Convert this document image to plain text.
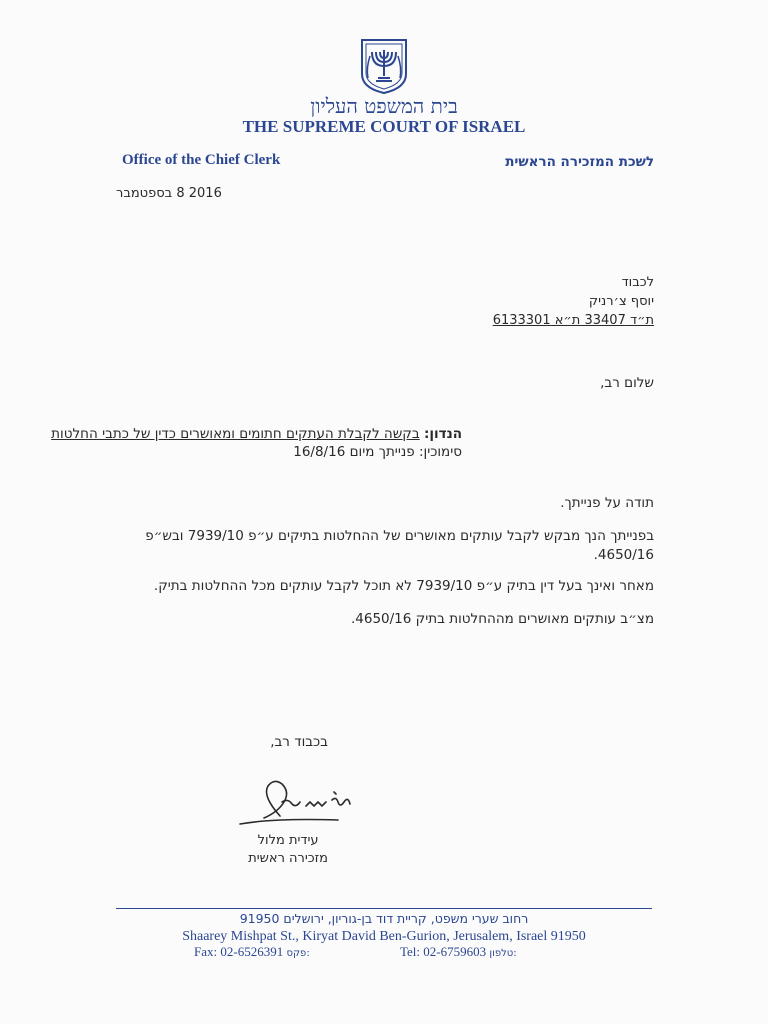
בית המשפט העליון
THE SUPREME COURT OF ISRAEL
Office of the Chief Clerk	לשכת המזכירה הראשית
2016 8 בספטמבר
לכבוד
יוסף צ׳רניק
ת״ד 33407 ת״א 6133301
שלום רב,
הנדון: בקשה לקבלת העתקים חתומים ומאושרים כדין של כתבי החלטות
סימוכין: פנייתך מיום 16/8/16
תודה על פנייתך.
בפנייתך הנך מבקש לקבל עותקים מאושרים של ההחלטות בתיקים ע״פ 7939/10 ובש״פ
4650/16.
מאחר ואינך בעל דין בתיק ע״פ 7939/10 לא תוכל לקבל עותקים מכל ההחלטות בתיק.
מצ״ב עותקים מאושרים מההחלטות בתיק 4650/16.
בכבוד רב,
עידית מלול
מזכירה ראשית
רחוב שערי משפט, קריית דוד בן-גוריון, ירושלים 91950
Shaarey Mishpat St., Kiryat David Ben-Gurion, Jerusalem, Israel 91950
Fax: 02-6526391 פקס:	Tel: 02-6759603 טלפון:
